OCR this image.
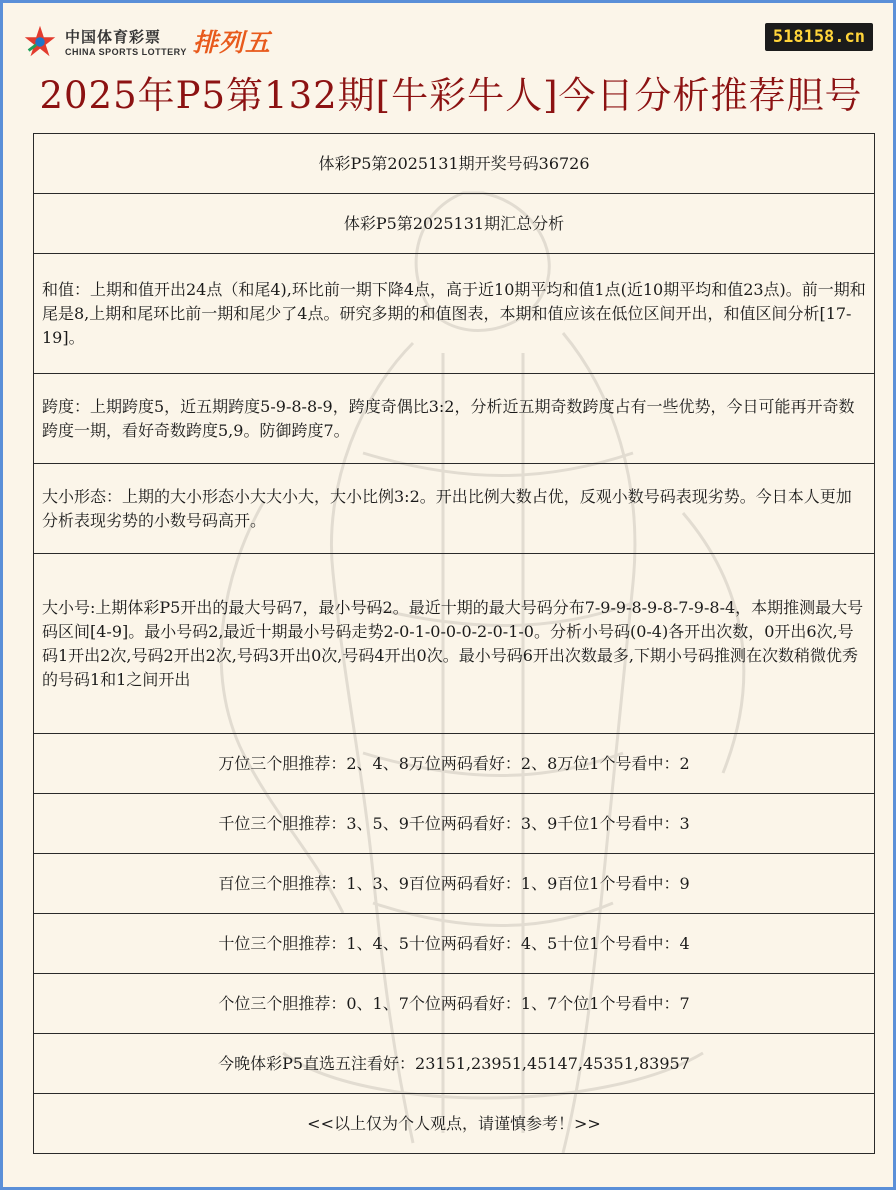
中国体育彩票
CHINA SPORTS LOTTERY 排列五	518158.cn
2025年P5第132期[牛彩牛人]今日分析推荐胆号
体彩P5第2025131期开奖号码36726
体彩P5第2025131期汇总分析
和值：上期和值开出24点（和尾4),环比前一期下降4点，高于近10期平均和值1点(近10期平均和值23点)。前一期和尾是8,上期和尾环比前一期和尾少了4点。研究多期的和值图表，本期和值应该在低位区间开出，和值区间分析[17-19]。
跨度：上期跨度5，近五期跨度5-9-8-8-9，跨度奇偶比3:2，分析近五期奇数跨度占有一些优势，今日可能再开奇数跨度一期，看好奇数跨度5,9。防御跨度7。
大小形态：上期的大小形态小大大小大，大小比例3:2。开出比例大数占优，反观小数号码表现劣势。今日本人更加分析表现劣势的小数号码高开。
大小号:上期体彩P5开出的最大号码7，最小号码2。最近十期的最大号码分布7-9-9-8-9-8-7-9-8-4，本期推测最大号码区间[4-9]。最小号码2,最近十期最小号码走势2-0-1-0-0-0-2-0-1-0。分析小号码(0-4)各开出次数，0开出6次,号码1开出2次,号码2开出2次,号码3开出0次,号码4开出0次。最小号码6开出次数最多,下期小号码推测在次数稍微优秀的号码1和1之间开出
万位三个胆推荐：2、4、8万位两码看好：2、8万位1个号看中：2
千位三个胆推荐：3、5、9千位两码看好：3、9千位1个号看中：3
百位三个胆推荐：1、3、9百位两码看好：1、9百位1个号看中：9
十位三个胆推荐：1、4、5十位两码看好：4、5十位1个号看中：4
个位三个胆推荐：0、1、7个位两码看好：1、7个位1个号看中：7
今晚体彩P5直选五注看好：23151,23951,45147,45351,83957
<<以上仅为个人观点，请谨慎参考！>>
